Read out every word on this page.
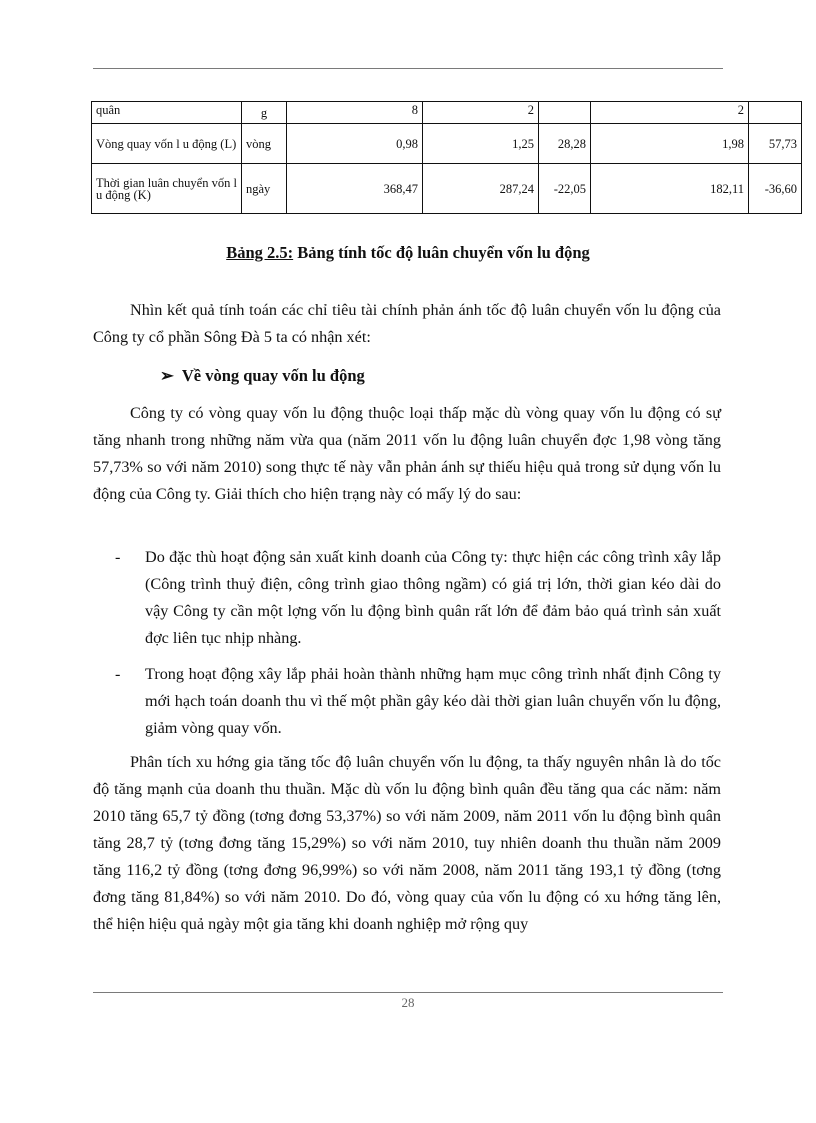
quân	g	8	2		2	
Vòng quay vốn l u động (L)	vòng	0,98	1,25	28,28	1,98	57,73
Thời gian luân chuyển vốn l u động (K)	ngày	368,47	287,24	-22,05	182,11	-36,60
Bảng 2.5: Bảng tính tốc độ luân chuyển vốn lu động

Nhìn kết quả tính toán các chỉ tiêu tài chính phản ánh tốc độ luân chuyển vốn lu động của Công ty cổ phần Sông Đà 5 ta có nhận xét:

➢ Về vòng quay vốn lu động

Công ty có vòng quay vốn lu động thuộc loại thấp mặc dù vòng quay vốn lu động có sự tăng nhanh trong những năm vừa qua (năm 2011 vốn lu động luân chuyển đợc 1,98 vòng tăng 57,73% so với năm 2010) song thực tế này vẫn phản ánh sự thiếu hiệu quả trong sử dụng vốn lu động của Công ty. Giải thích cho hiện trạng này có mấy lý do sau:

- Do đặc thù hoạt động sản xuất kinh doanh của Công ty: thực hiện các công trình xây lắp (Công trình thuỷ điện, công trình giao thông ngầm) có giá trị lớn, thời gian kéo dài do vậy Công ty cần một lợng vốn lu động bình quân rất lớn để đảm bảo quá trình sản xuất đợc liên tục nhịp nhàng.
- Trong hoạt động xây lắp phải hoàn thành những hạm mục công trình nhất định Công ty mới hạch toán doanh thu vì thế một phần gây kéo dài thời gian luân chuyển vốn lu động, giảm vòng quay vốn.

Phân tích xu hớng gia tăng tốc độ luân chuyển vốn lu động, ta thấy nguyên nhân là do tốc độ tăng mạnh của doanh thu thuần. Mặc dù vốn lu động bình quân đều tăng qua các năm: năm 2010 tăng 65,7 tỷ đồng (tơng đơng 53,37%) so với năm 2009, năm 2011 vốn lu động bình quân tăng 28,7 tỷ (tơng đơng tăng 15,29%) so với năm 2010, tuy nhiên doanh thu thuần năm 2009 tăng 116,2 tỷ đồng (tơng đơng 96,99%) so với năm 2008, năm 2011 tăng 193,1 tỷ đồng (tơng đơng tăng 81,84%) so với năm 2010. Do đó, vòng quay của vốn lu động có xu hớng tăng lên, thể hiện hiệu quả ngày một gia tăng khi doanh nghiệp mở rộng quy

28
